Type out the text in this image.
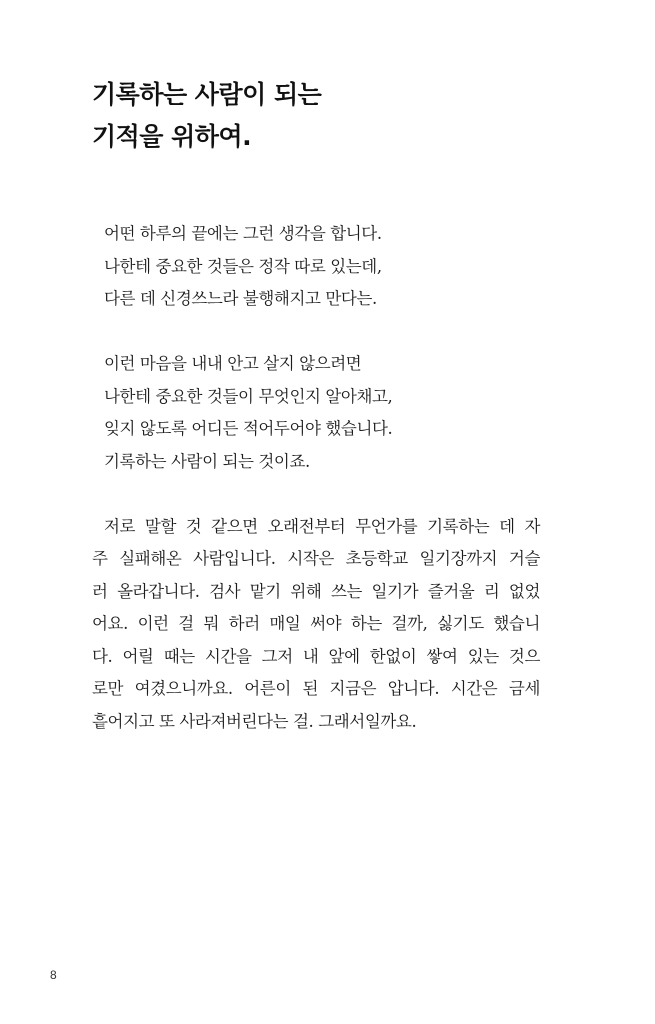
기록하는 사람이 되는
기적을 위하여.
어떤 하루의 끝에는 그런 생각을 합니다.
나한테 중요한 것들은 정작 따로 있는데,
다른 데 신경쓰느라 불행해지고 만다는.
이런 마음을 내내 안고 살지 않으려면
나한테 중요한 것들이 무엇인지 알아채고,
잊지 않도록 어디든 적어두어야 했습니다.
기록하는 사람이 되는 것이죠.
저로 말할 것 같으면 오래전부터 무언가를 기록하는 데 자
주 실패해온 사람입니다. 시작은 초등학교 일기장까지 거슬
러 올라갑니다. 검사 맡기 위해 쓰는 일기가 즐거울 리 없었
어요. 이런 걸 뭐 하러 매일 써야 하는 걸까, 싫기도 했습니
다. 어릴 때는 시간을 그저 내 앞에 한없이 쌓여 있는 것으
로만 여겼으니까요. 어른이 된 지금은 압니다. 시간은 금세
흩어지고 또 사라져버린다는 걸. 그래서일까요.
8
